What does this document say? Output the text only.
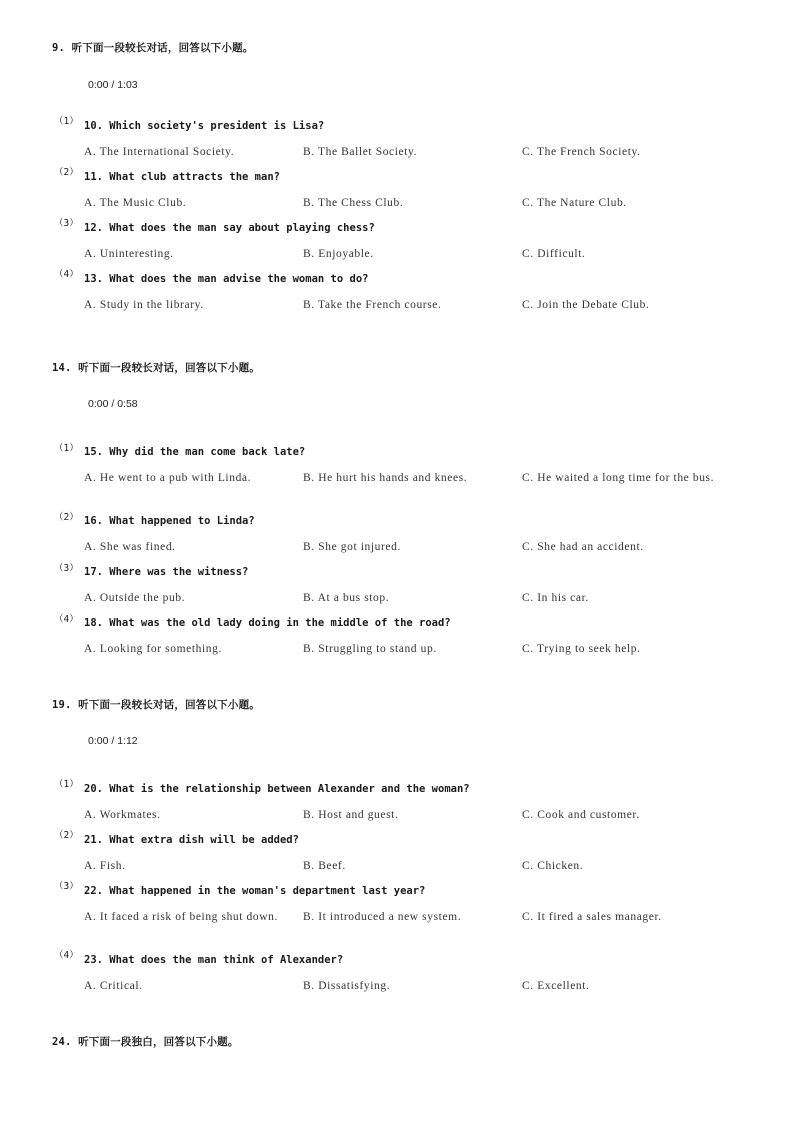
9. 听下面一段较长对话，回答以下小题。
0:00 / 1:03
（1） 10. Which society's president is Lisa?
A. The International Society.	B. The Ballet Society.	C. The French Society.
（2） 11. What club attracts the man?
A. The Music Club.	B. The Chess Club.	C. The Nature Club.
（3） 12. What does the man say about playing chess?
A. Uninteresting.	B. Enjoyable.	C. Difficult.
（4） 13. What does the man advise the woman to do?
A. Study in the library.	B. Take the French course.	C. Join the Debate Club.
14. 听下面一段较长对话，回答以下小题。
0:00 / 0:58
（1） 15. Why did the man come back late?
A. He went to a pub with Linda.	B. He hurt his hands and knees.	C. He waited a long time for the bus.
（2） 16. What happened to Linda?
A. She was fined.	B. She got injured.	C. She had an accident.
（3） 17. Where was the witness?
A. Outside the pub.	B. At a bus stop.	C. In his car.
（4） 18. What was the old lady doing in the middle of the road?
A. Looking for something.	B. Struggling to stand up.	C. Trying to seek help.
19. 听下面一段较长对话，回答以下小题。
0:00 / 1:12
（1） 20. What is the relationship between Alexander and the woman?
A. Workmates.	B. Host and guest.	C. Cook and customer.
（2） 21. What extra dish will be added?
A. Fish.	B. Beef.	C. Chicken.
（3） 22. What happened in the woman's department last year?
A. It faced a risk of being shut down.	B. It introduced a new system.	C. It fired a sales manager.
（4） 23. What does the man think of Alexander?
A. Critical.	B. Dissatisfying.	C. Excellent.
24. 听下面一段独白，回答以下小题。
